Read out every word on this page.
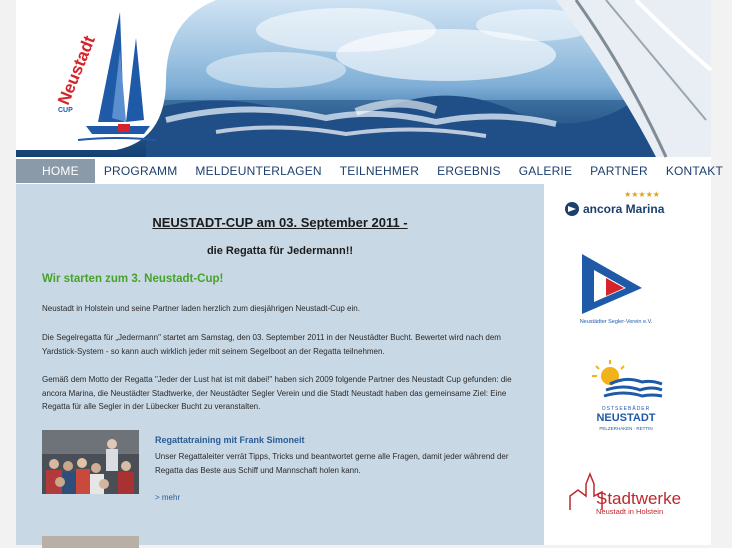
Neustadt
CUP
HOME	PROGRAMM	MELDEUNTERLAGEN	TEILNEHMER	ERGEBNIS	GALERIE	PARTNER	KONTAKT
NEUSTADT-CUP am 03. September 2011 -
die Regatta für Jedermann!!
Wir starten zum 3. Neustadt-Cup!
Neustadt in Holstein und seine Partner laden herzlich zum diesjährigen Neustadt-Cup ein.
Die Segelregatta für „Jedermann" startet am Samstag, den 03. September 2011 in der Neustädter Bucht. Bewertet wird nach dem Yardstick-System - so kann auch wirklich jeder mit seinem Segelboot an der Regatta teilnehmen.
Gemäß dem Motto der Regatta "Jeder der Lust hat ist mit dabei!" haben sich 2009 folgende Partner des Neustadt Cup gefunden: die ancora Marina, die Neustädter Stadtwerke, der Neustädter Segler Verein und die Stadt Neustadt haben das gemeinsame Ziel: Eine Regatta für alle Segler in der Lübecker Bucht zu veranstalten.
Regattatraining mit Frank Simoneit
Unser Regattaleiter verrät Tipps, Tricks und beantwortet gerne alle Fragen, damit jeder während der Regatta das Beste aus Schiff und Mannschaft holen kann.
> mehr
★★★★★
ancora Marina
Neustädter Segler-Verein e.V.
OSTSEEBÄDER
NEUSTADT
PELZERHAKEN · RETTIN
Stadtwerke
Neustadt in Holstein
